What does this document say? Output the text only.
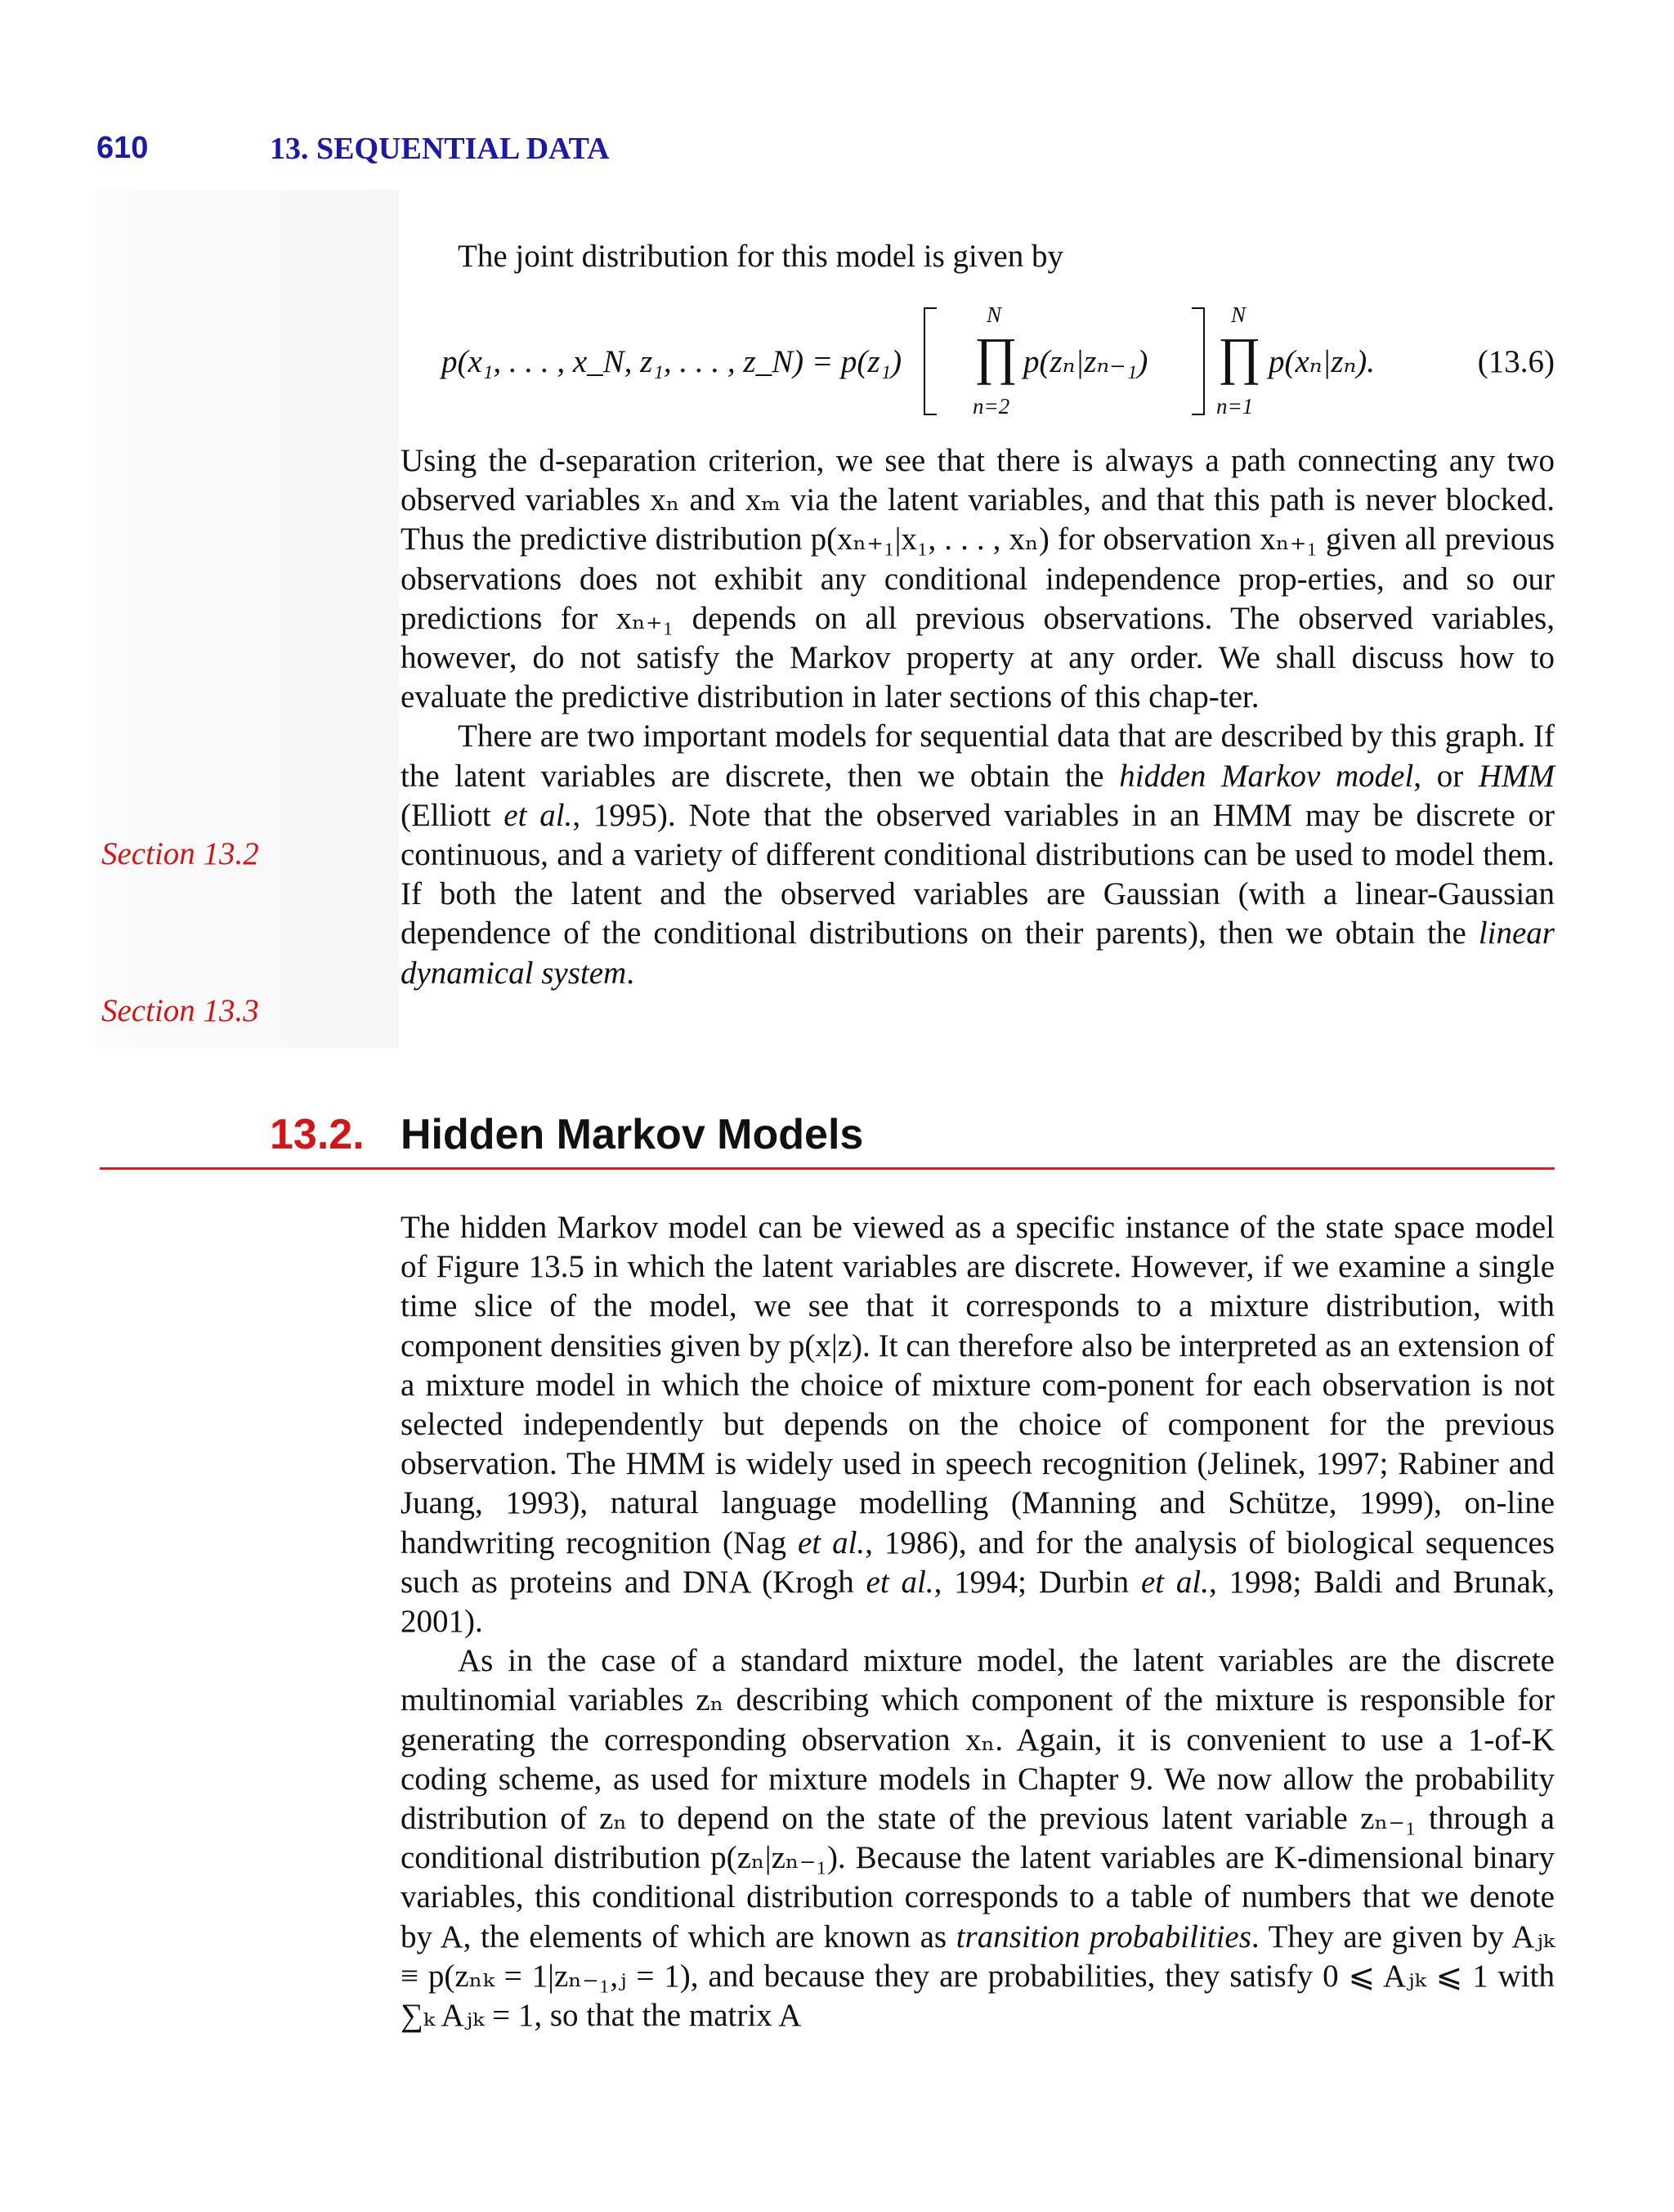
610	13. SEQUENTIAL DATA
The joint distribution for this model is given by
p(x₁, . . . , x_N, z₁, . . . , z_N) = p(z₁)
N
∏
n=2
p(zₙ|zₙ₋₁)
N
∏
n=1
p(xₙ|zₙ).	(13.6)

Using the d-separation criterion, we see that there is always a path connecting any two observed variables xₙ and xₘ via the latent variables, and that this path is never blocked. Thus the predictive distribution p(xₙ₊₁|x₁, . . . , xₙ) for observation xₙ₊₁ given all previous observations does not exhibit any conditional independence prop-erties, and so our predictions for xₙ₊₁ depends on all previous observations. The observed variables, however, do not satisfy the Markov property at any order. We shall discuss how to evaluate the predictive distribution in later sections of this chap-ter.

There are two important models for sequential data that are described by this graph. If the latent variables are discrete, then we obtain the hidden Markov model, or HMM (Elliott et al., 1995). Note that the observed variables in an HMM may be discrete or continuous, and a variety of different conditional distributions can be used to model them. If both the latent and the observed variables are Gaussian (with a linear-Gaussian dependence of the conditional distributions on their parents), then we obtain the linear dynamical system.

Section 13.2
Section 13.3
13.2. Hidden Markov Models

The hidden Markov model can be viewed as a specific instance of the state space model of Figure 13.5 in which the latent variables are discrete. However, if we examine a single time slice of the model, we see that it corresponds to a mixture distribution, with component densities given by p(x|z). It can therefore also be interpreted as an extension of a mixture model in which the choice of mixture com-ponent for each observation is not selected independently but depends on the choice of component for the previous observation. The HMM is widely used in speech recognition (Jelinek, 1997; Rabiner and Juang, 1993), natural language modelling (Manning and Schütze, 1999), on-line handwriting recognition (Nag et al., 1986), and for the analysis of biological sequences such as proteins and DNA (Krogh et al., 1994; Durbin et al., 1998; Baldi and Brunak, 2001).

As in the case of a standard mixture model, the latent variables are the discrete multinomial variables zₙ describing which component of the mixture is responsible for generating the corresponding observation xₙ. Again, it is convenient to use a 1-of-K coding scheme, as used for mixture models in Chapter 9. We now allow the probability distribution of zₙ to depend on the state of the previous latent variable zₙ₋₁ through a conditional distribution p(zₙ|zₙ₋₁). Because the latent variables are K-dimensional binary variables, this conditional distribution corresponds to a table of numbers that we denote by A, the elements of which are known as transition probabilities. They are given by Aⱼₖ ≡ p(zₙₖ = 1|zₙ₋₁,ⱼ = 1), and because they are probabilities, they satisfy 0 ⩽ Aⱼₖ ⩽ 1 with ∑ₖ Aⱼₖ = 1, so that the matrix A
